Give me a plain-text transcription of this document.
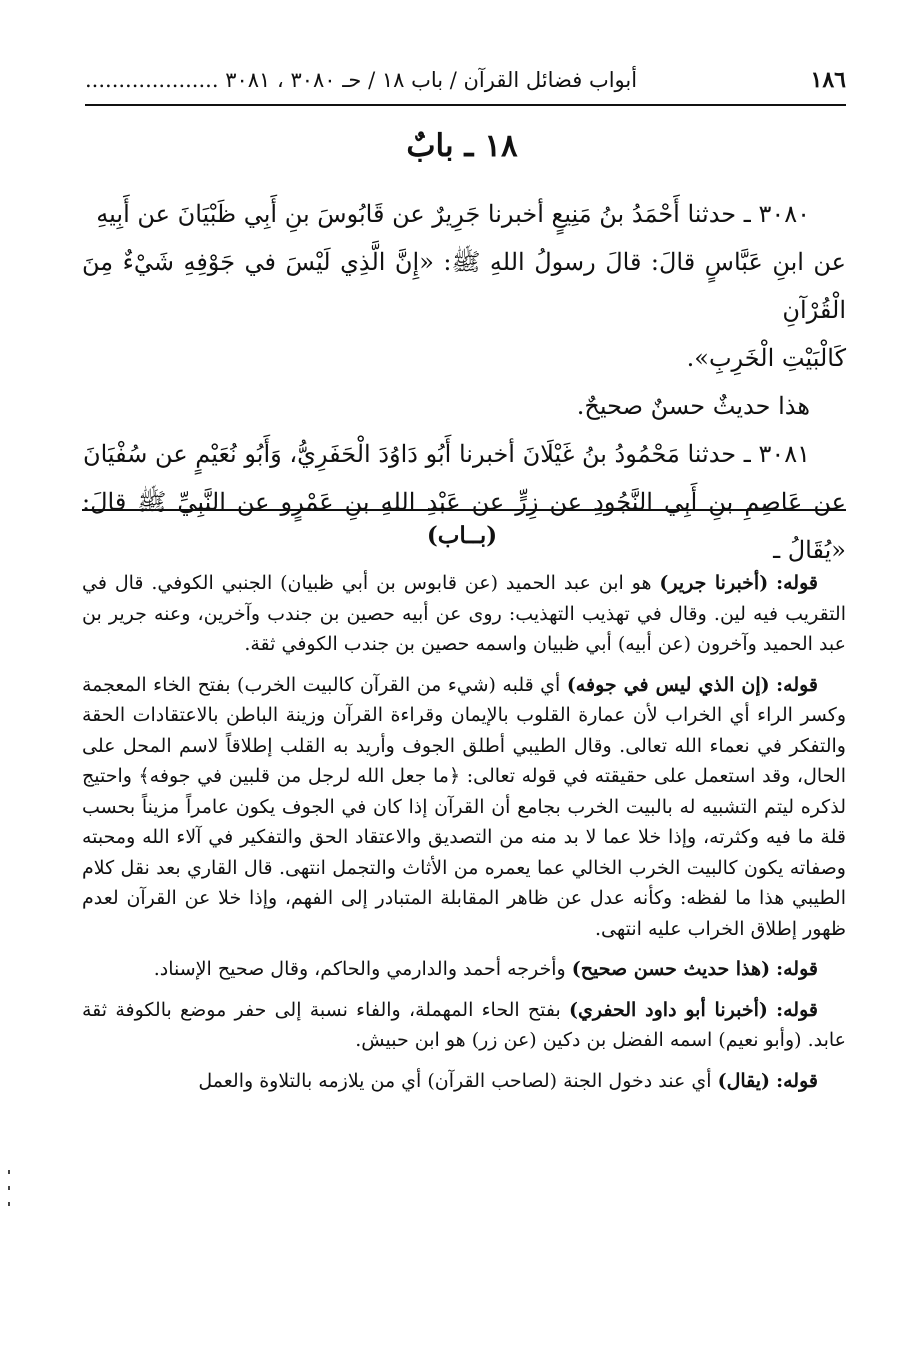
١٨٦
أبواب فضائل القرآن / باب ١٨ / حـ ٣٠٨٠ ، ٣٠٨١ ....................
١٨ ـ بابٌ

٣٠٨٠ ـ حدثنا أَحْمَدُ بنُ مَنِيعٍ أخبرنا جَرِيرٌ عن قَابُوسَ بنِ أَبِي ظَبْيَانَ عن أَبِيهِ

عن ابنِ عَبَّاسٍ قالَ: قالَ رسولُ اللهِ ﷺ: «إِنَّ الَّذِي لَيْسَ في جَوْفِهِ شَيْءٌ مِنَ الْقُرْآنِ

كَالْبَيْتِ الْخَرِبِ».

هذا حديثٌ حسنٌ صحيحٌ.

٣٠٨١ ـ حدثنا مَحْمُودُ بنُ غَيْلَانَ أخبرنا أَبُو دَاوُدَ الْحَفَرِيُّ، وَأَبُو نُعَيْمٍ عن سُفْيَانَ

عن عَاصِمِ بنِ أَبِي النَّجُودِ عن زِرٍّ عن عَبْدِ اللهِ بنِ عَمْرٍو عن النَّبِيِّ ﷺ قالَ: «يُقَالُ ـ

(بــاب)

قوله: (أخبرنا جرير) هو ابن عبد الحميد (عن قابوس بن أبي ظبيان) الجنبي الكوفي. قال في التقريب فيه لين. وقال في تهذيب التهذيب: روى عن أبيه حصين بن جندب وآخرين، وعنه جرير بن عبد الحميد وآخرون (عن أبيه) أبي ظبيان واسمه حصين بن جندب الكوفي ثقة.

قوله: (إن الذي ليس في جوفه) أي قلبه (شيء من القرآن كالبيت الخرب) بفتح الخاء المعجمة وكسر الراء أي الخراب لأن عمارة القلوب بالإيمان وقراءة القرآن وزينة الباطن بالاعتقادات الحقة والتفكر في نعماء الله تعالى. وقال الطيبي أطلق الجوف وأريد به القلب إطلاقاً لاسم المحل على الحال، وقد استعمل على حقيقته في قوله تعالى: ﴿ما جعل الله لرجل من قلبين في جوفه﴾ واحتيج لذكره ليتم التشبيه له بالبيت الخرب بجامع أن القرآن إذا كان في الجوف يكون عامراً مزيناً بحسب قلة ما فيه وكثرته، وإذا خلا عما لا بد منه من التصديق والاعتقاد الحق والتفكير في آلاء الله ومحبته وصفاته يكون كالبيت الخرب الخالي عما يعمره من الأثاث والتجمل انتهى. قال القاري بعد نقل كلام الطيبي هذا ما لفظه: وكأنه عدل عن ظاهر المقابلة المتبادر إلى الفهم، وإذا خلا عن القرآن لعدم ظهور إطلاق الخراب عليه انتهى.

قوله: (هذا حديث حسن صحيح) وأخرجه أحمد والدارمي والحاكم، وقال صحيح الإسناد.

قوله: (أخبرنا أبو داود الحفري) بفتح الحاء المهملة، والفاء نسبة إلى حفر موضع بالكوفة ثقة عابد. (وأبو نعيم) اسمه الفضل بن دكين (عن زر) هو ابن حبيش.

قوله: (يقال) أي عند دخول الجنة (لصاحب القرآن) أي من يلازمه بالتلاوة والعمل
